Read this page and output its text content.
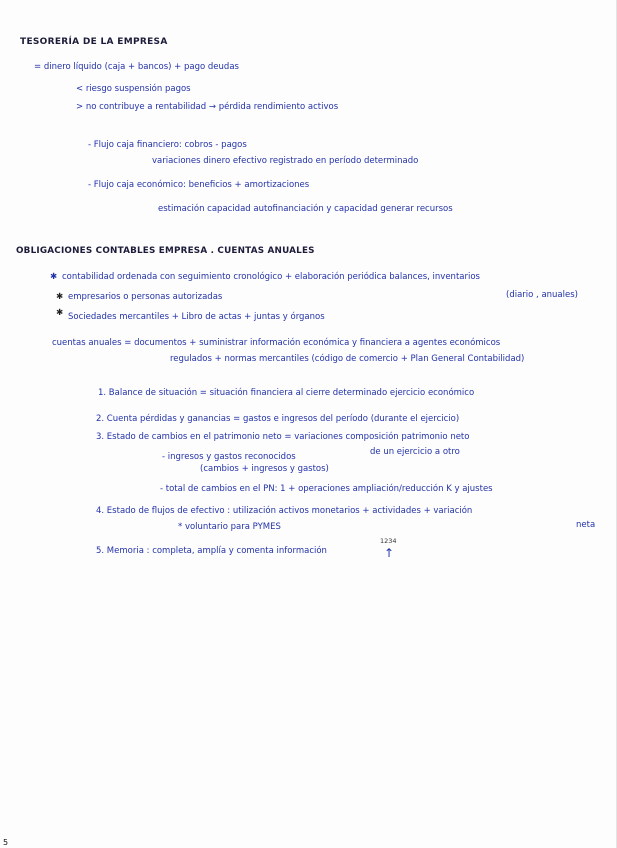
TESORERÍA DE LA EMPRESA
= dinero líquido (caja + bancos) + pago deudas
< riesgo suspensión pagos
> no contribuye a rentabilidad → pérdida rendimiento activos
- Flujo caja financiero: cobros - pagos
variaciones dinero efectivo registrado en período determinado
- Flujo caja económico: beneficios + amortizaciones
estimación capacidad autofinanciación y capacidad generar recursos
OBLIGACIONES CONTABLES EMPRESA . CUENTAS ANUALES
✱ contabilidad ordenada con seguimiento cronológico + elaboración periódica balances, inventarios
(diario , anuales)
✱ empresarios o personas autorizadas
✱ Sociedades mercantiles + Libro de actas + juntas y órganos
cuentas anuales = documentos + suministrar información económica y financiera a agentes económicos
regulados + normas mercantiles (código de comercio + Plan General Contabilidad)
1. Balance de situación = situación financiera al cierre determinado ejercicio económico
2. Cuenta pérdidas y ganancias = gastos e ingresos del período (durante el ejercicio)
3. Estado de cambios en el patrimonio neto = variaciones composición patrimonio neto
de un ejercicio a otro
- ingresos y gastos reconocidos
(cambios + ingresos y gastos)
- total de cambios en el PN: 1 + operaciones ampliación/reducción K y ajustes
4. Estado de flujos de efectivo : utilización activos monetarios + actividades + variación
neta
* voluntario para PYMES
1234
5. Memoria : completa, amplía y comenta información	↑
5
